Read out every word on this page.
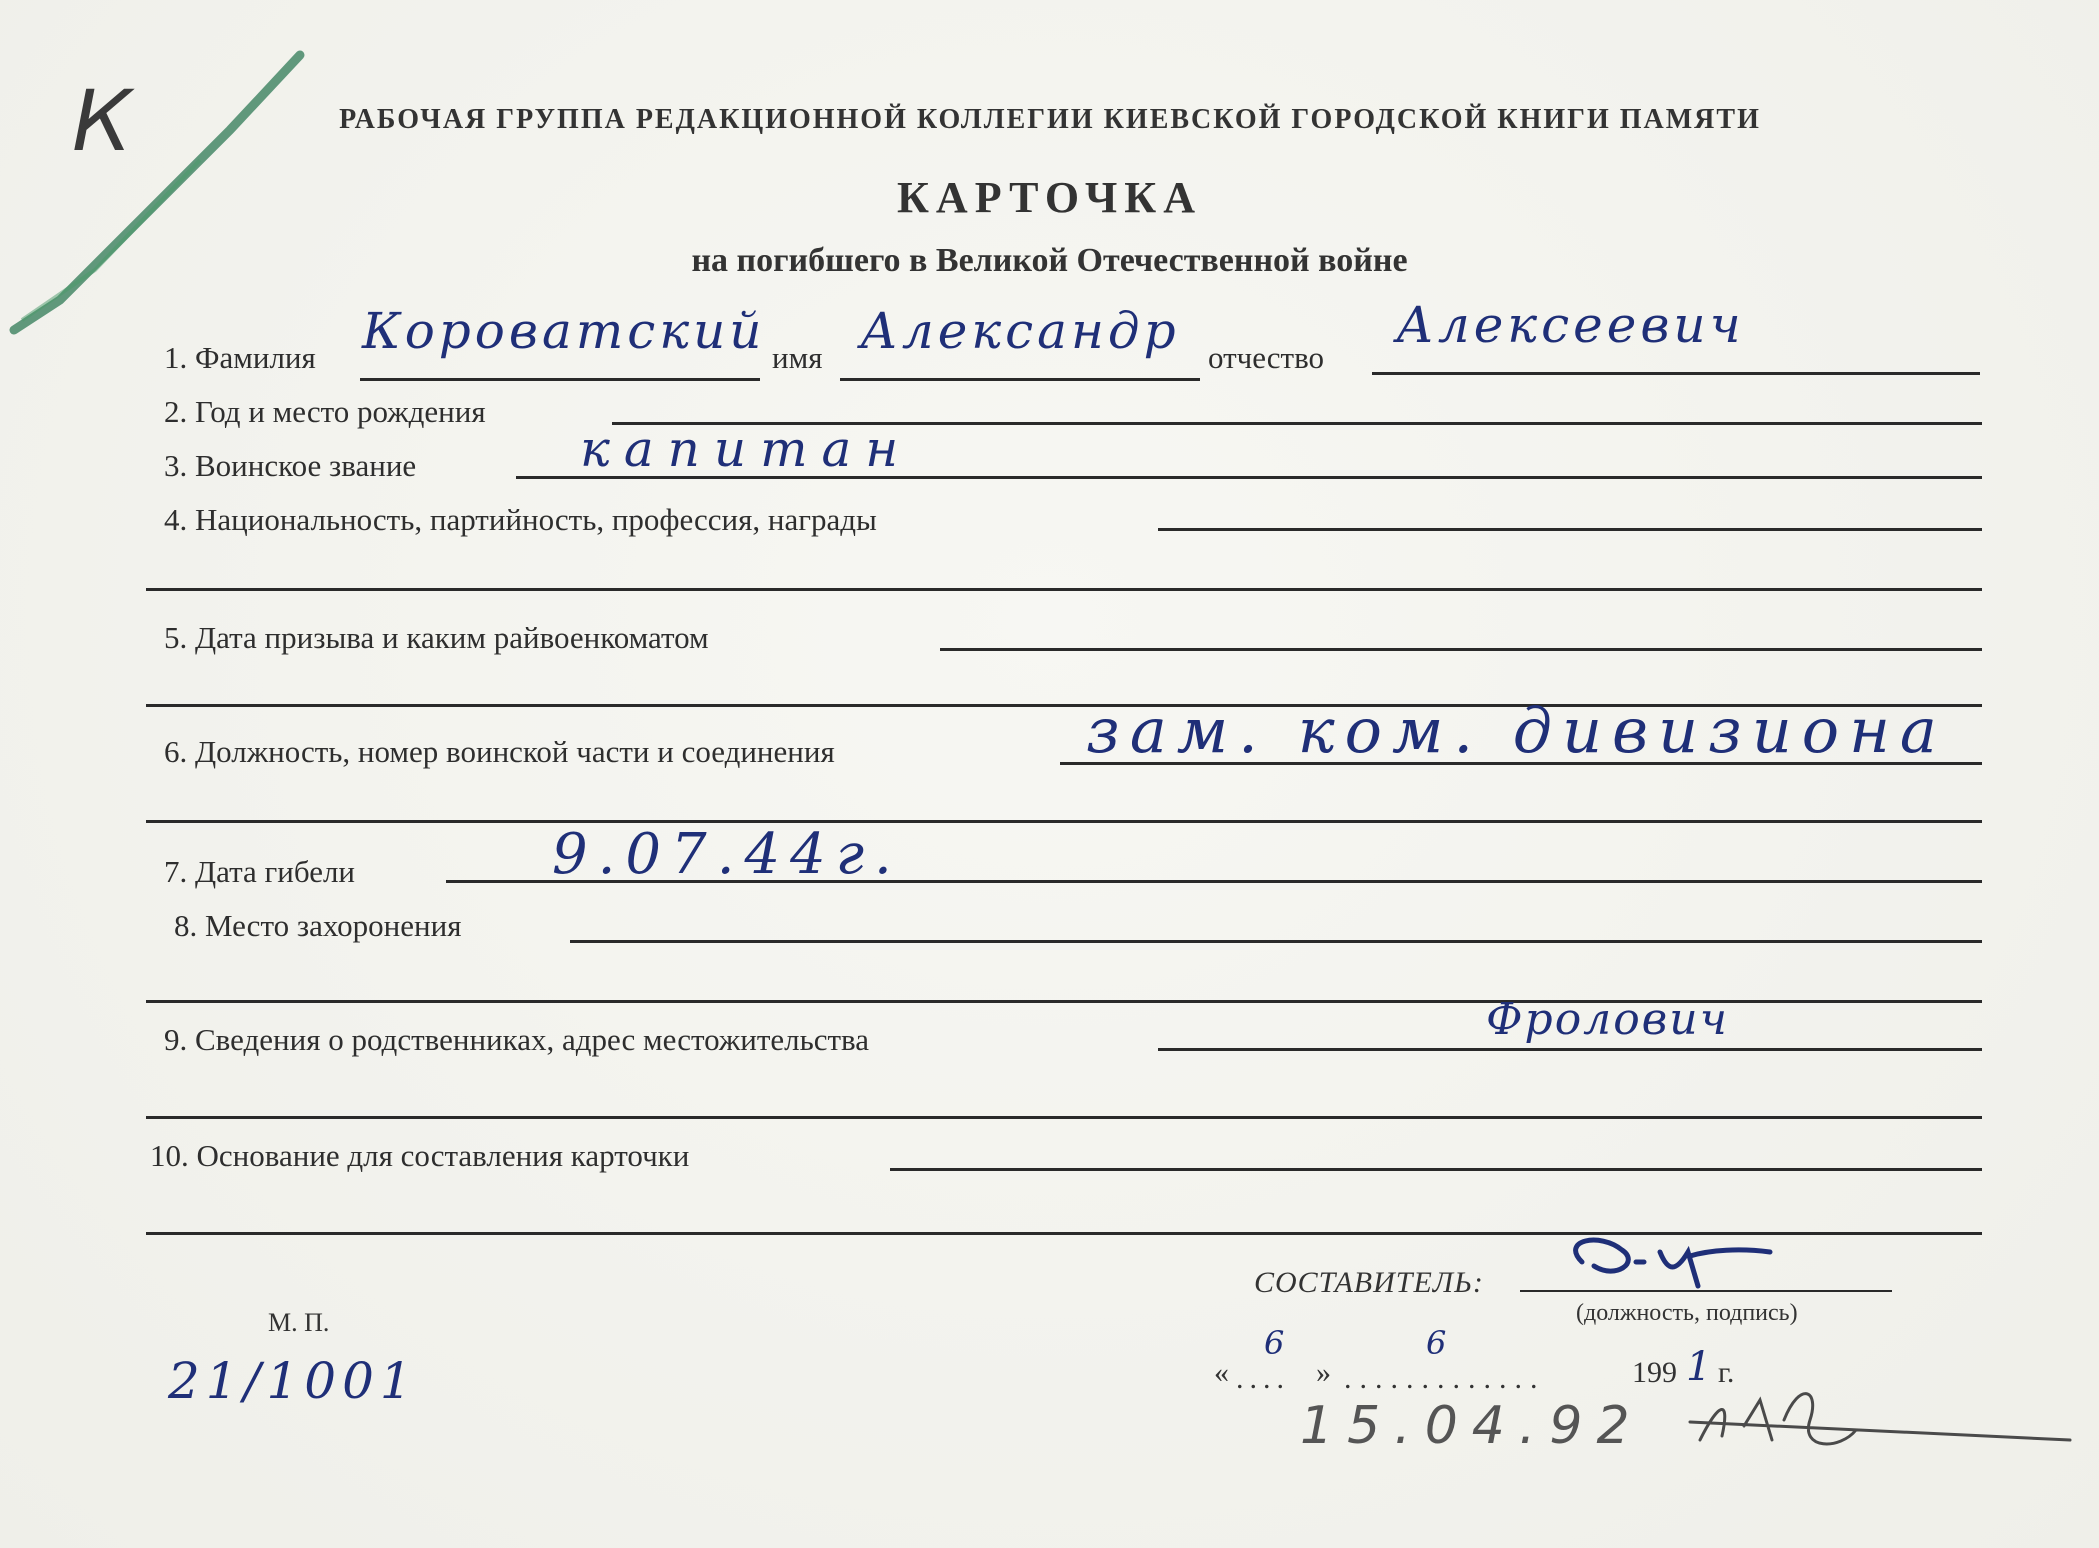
К	РАБОЧАЯ ГРУППА РЕДАКЦИОННОЙ КОЛЛЕГИИ КИЕВСКОЙ ГОРОДСКОЙ КНИГИ ПАМЯТИ
КАРТОЧКА
на погибшего в Великой Отечественной войне
1. Фамилия Короватский имя Александр отчество
Алексеевич
2. Год и место рождения
3. Воинское звание	капитан
4. Национальность, партийность, профессия, награды
5. Дата призыва и каким райвоенкоматом
6. Должность, номер воинской части и соединения	зам. ком. дивизиона
7. Дата гибели	9.07.44г.
8. Место захоронения
9. Сведения о родственниках, адрес местожительства	Фролович
10. Основание для составления карточки
СОСТАВИТЕЛЬ:
(должность, подпись)
М. П.
21/1001	« ....
6
» .............
6
199 1 г.
15.04.92
